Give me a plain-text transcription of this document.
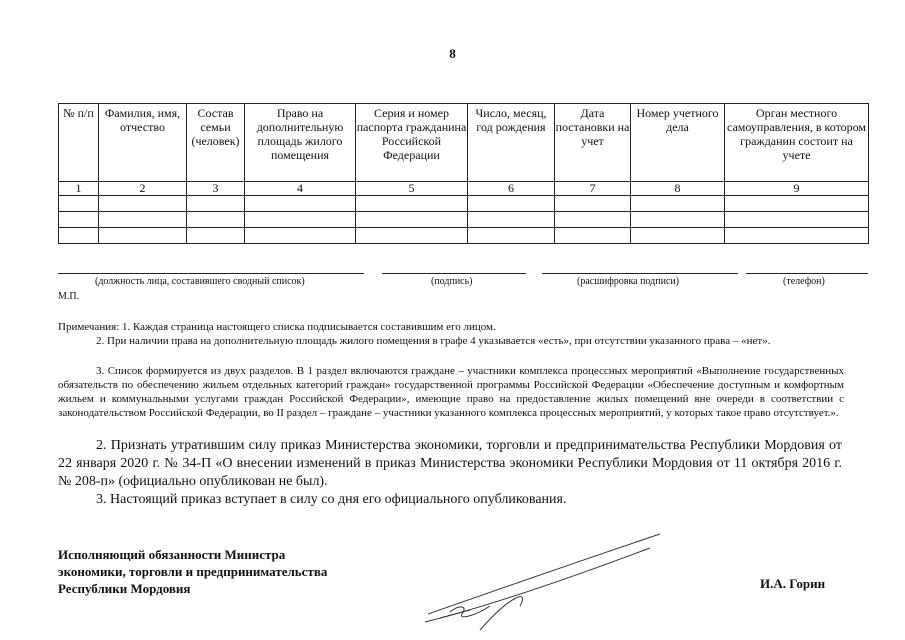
8
№ п/п	Фамилия, имя, отчество	Состав семьи (человек)	Право на дополнительную площадь жилого помещения	Серия и номер паспорта гражданина Российской Федерации	Число, месяц, год рождения	Дата постановки на учет	Номер учетного дела	Орган местного самоуправления, в котором гражданин состоит на учете
1	2	3	4	5	6	7	8	9

(должность лица, составившего сводный список)	(подпись)	(расшифровка подписи)	(телефон)
М.П.
Примечания: 1. Каждая страница настоящего списка подписывается составившим его лицом.
2. При наличии права на дополнительную площадь жилого помещения в графе 4 указывается «есть», при отсутствии указанного права – «нет».
3. Список формируется из двух разделов. В 1 раздел включаются граждане – участники комплекса процессных мероприятий «Выполнение государственных обязательств по обеспечению жильем отдельных категорий граждан» государственной программы Российской Федерации «Обеспечение доступным и комфортным жильем и коммунальными услугами граждан Российской Федерации», имеющие право на предоставление жилых помещений вне очереди в соответствии с законодательством Российской Федерации, во II раздел – граждане – участники указанного комплекса процессных мероприятий, у которых такое право отсутствует.».
2. Признать утратившим силу приказ Министерства экономики, торговли и предпринимательства Республики Мордовия от 22 января 2020 г. № 34-П «О внесении изменений в приказ Министерства экономики Республики Мордовия от 11 октября 2016 г. № 208-п» (официально опубликован не был).
3. Настоящий приказ вступает в силу со дня его официального опубликования.
Исполняющий обязанности Министра
экономики, торговли и предпринимательства
Республики Мордовия	И.А. Горин
